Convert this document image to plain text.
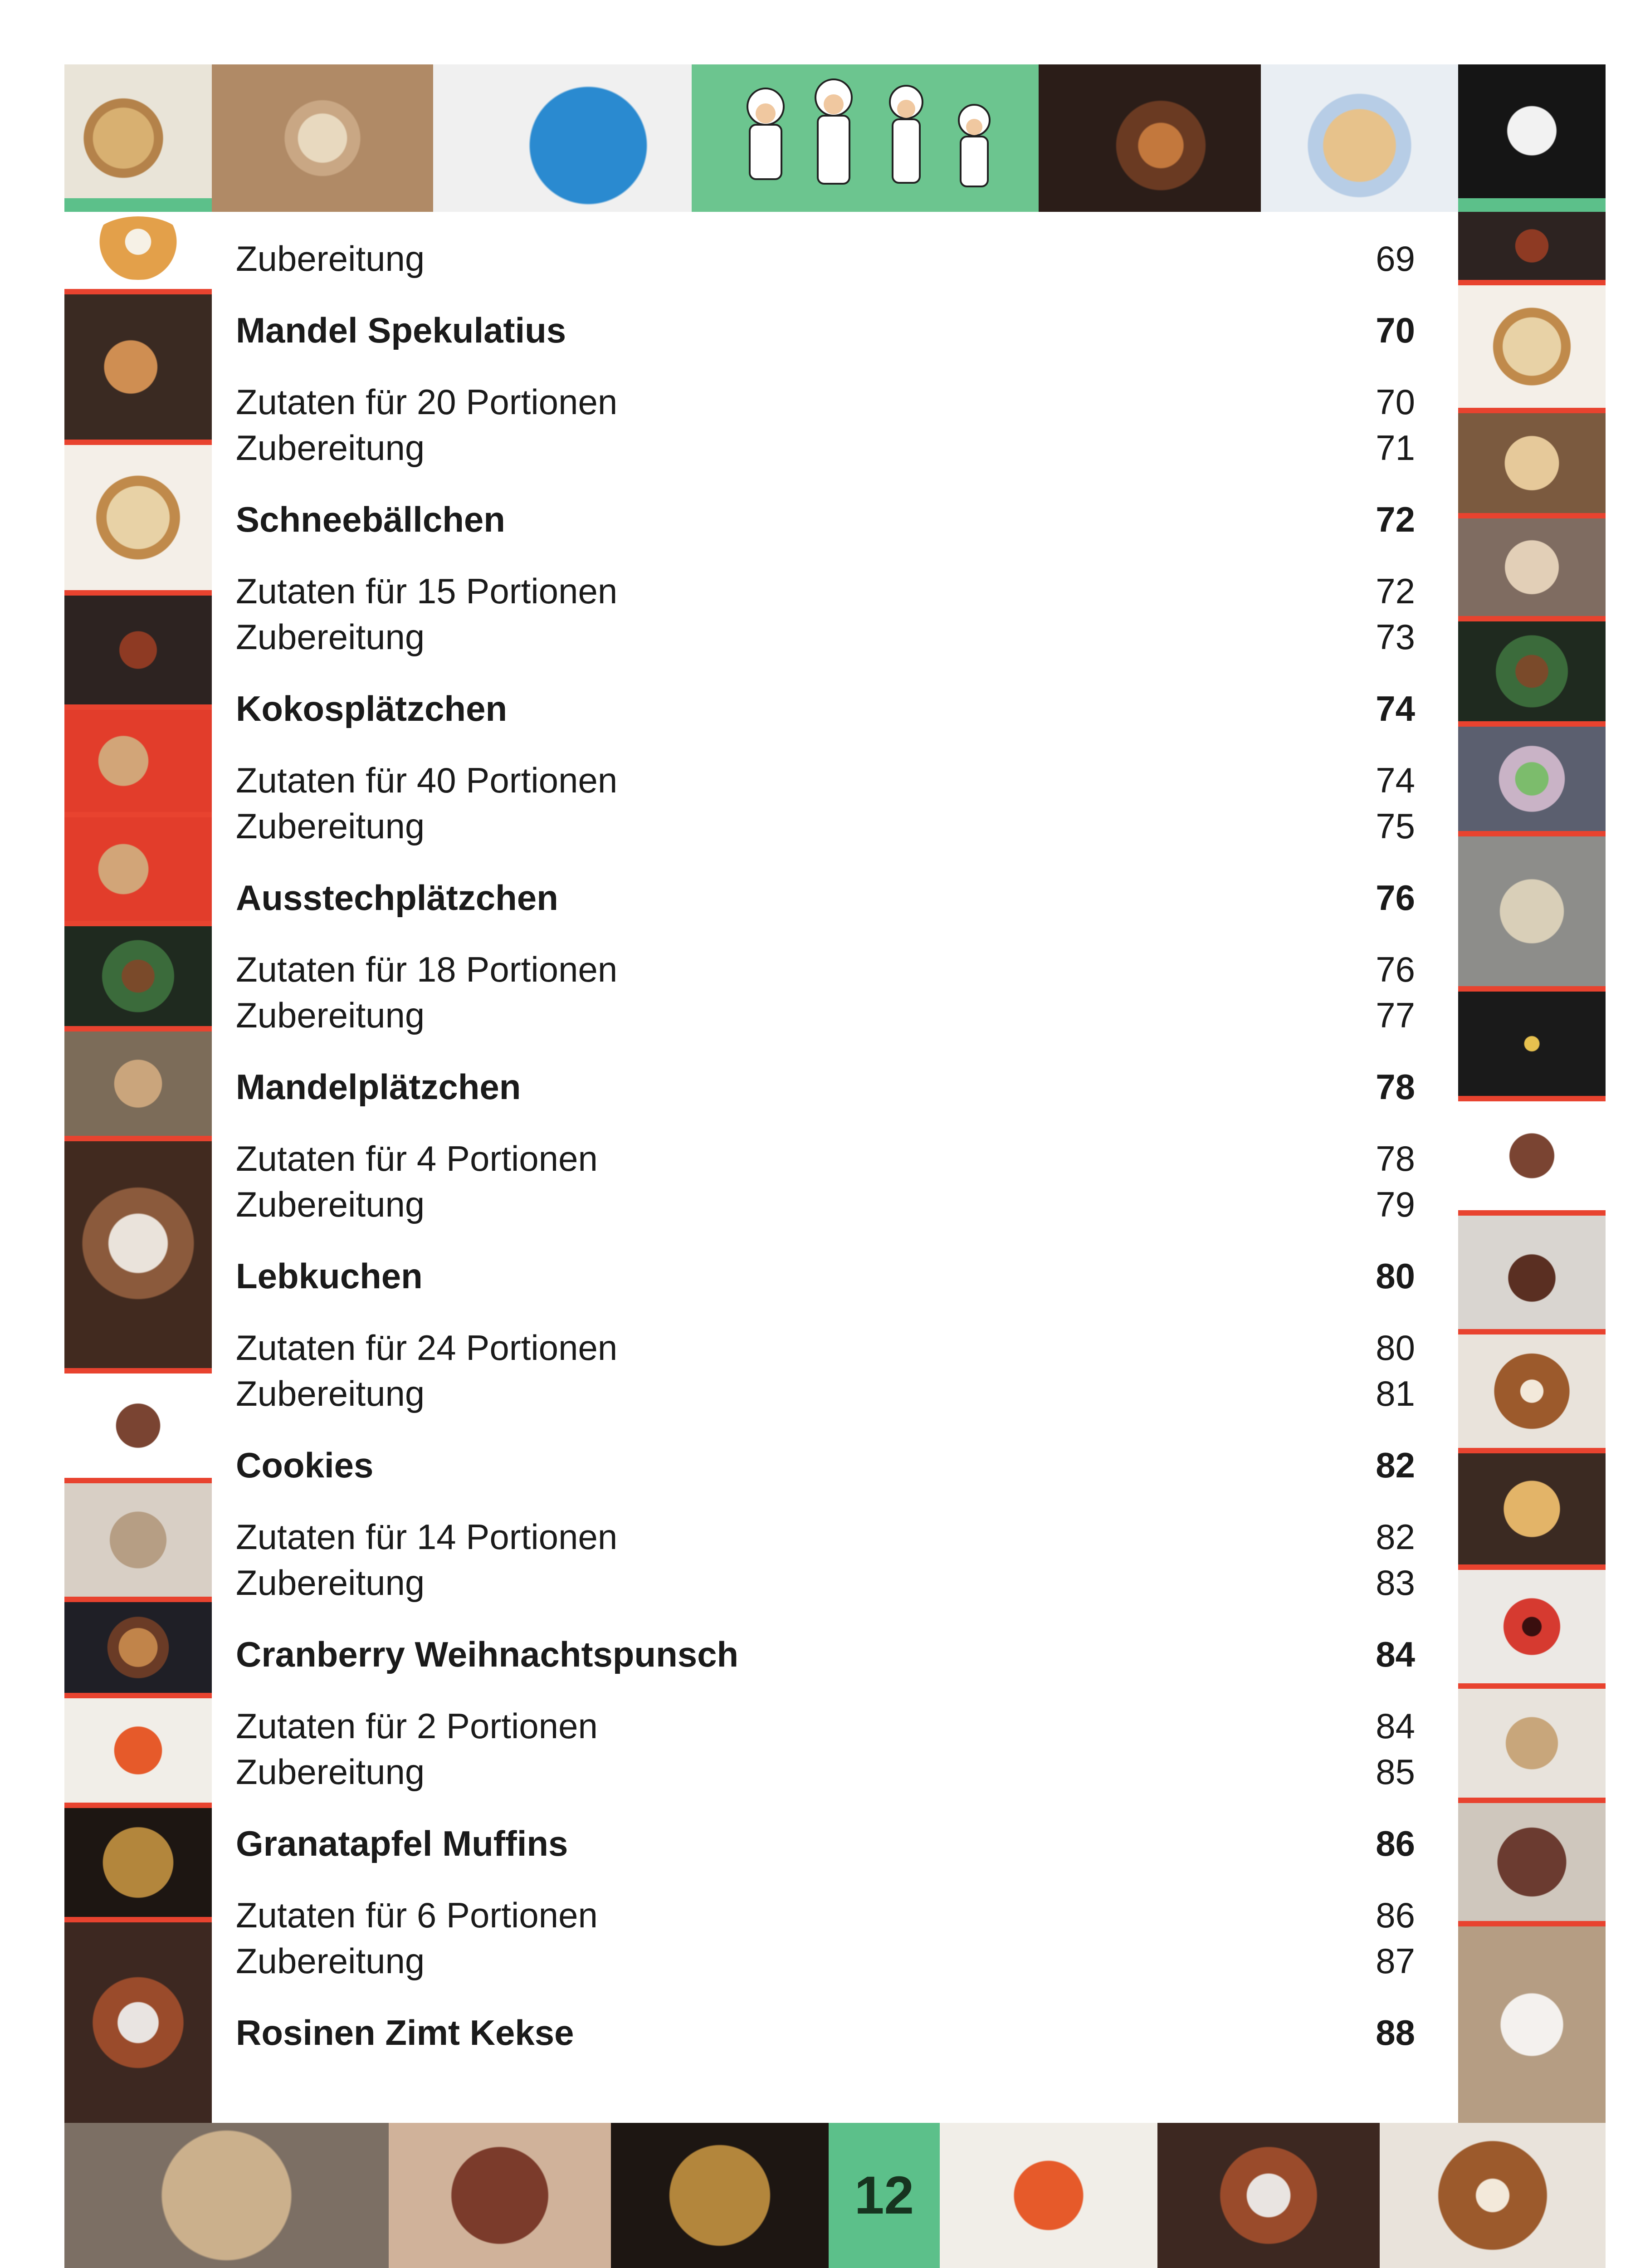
12
Zubereitung	69
Mandel Spekulatius	70
Zutaten für 20 Portionen	70
Zubereitung	71
Schneebällchen	72
Zutaten für 15 Portionen	72
Zubereitung	73
Kokosplätzchen	74
Zutaten für 40 Portionen	74
Zubereitung	75
Ausstechplätzchen	76
Zutaten für 18 Portionen	76
Zubereitung	77
Mandelplätzchen	78
Zutaten für 4 Portionen	78
Zubereitung	79
Lebkuchen	80
Zutaten für 24 Portionen	80
Zubereitung	81
Cookies	82
Zutaten für 14 Portionen	82
Zubereitung	83
Cranberry Weihnachtspunsch	84
Zutaten für 2 Portionen	84
Zubereitung	85
Granatapfel Muffins	86
Zutaten für 6 Portionen	86
Zubereitung	87
Rosinen Zimt Kekse	88
